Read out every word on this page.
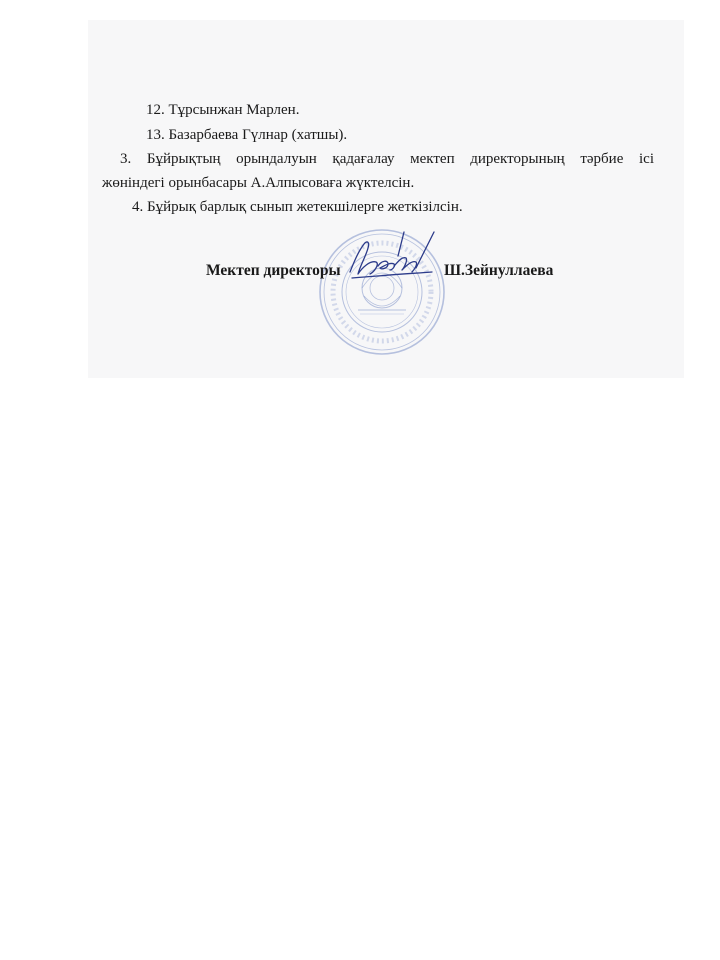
12. Тұрсынжан Марлен.
13. Базарбаева Гүлнар (хатшы).
3. Бұйрықтың орындалуын қадағалау мектеп директорының тәрбие ісі
жөніндегі орынбасары А.Алпысоваға жүктелсін.
4. Бұйрық барлық сынып жетекшілерге жеткізілсін.
Мектеп директоры	Ш.Зейнуллаева
